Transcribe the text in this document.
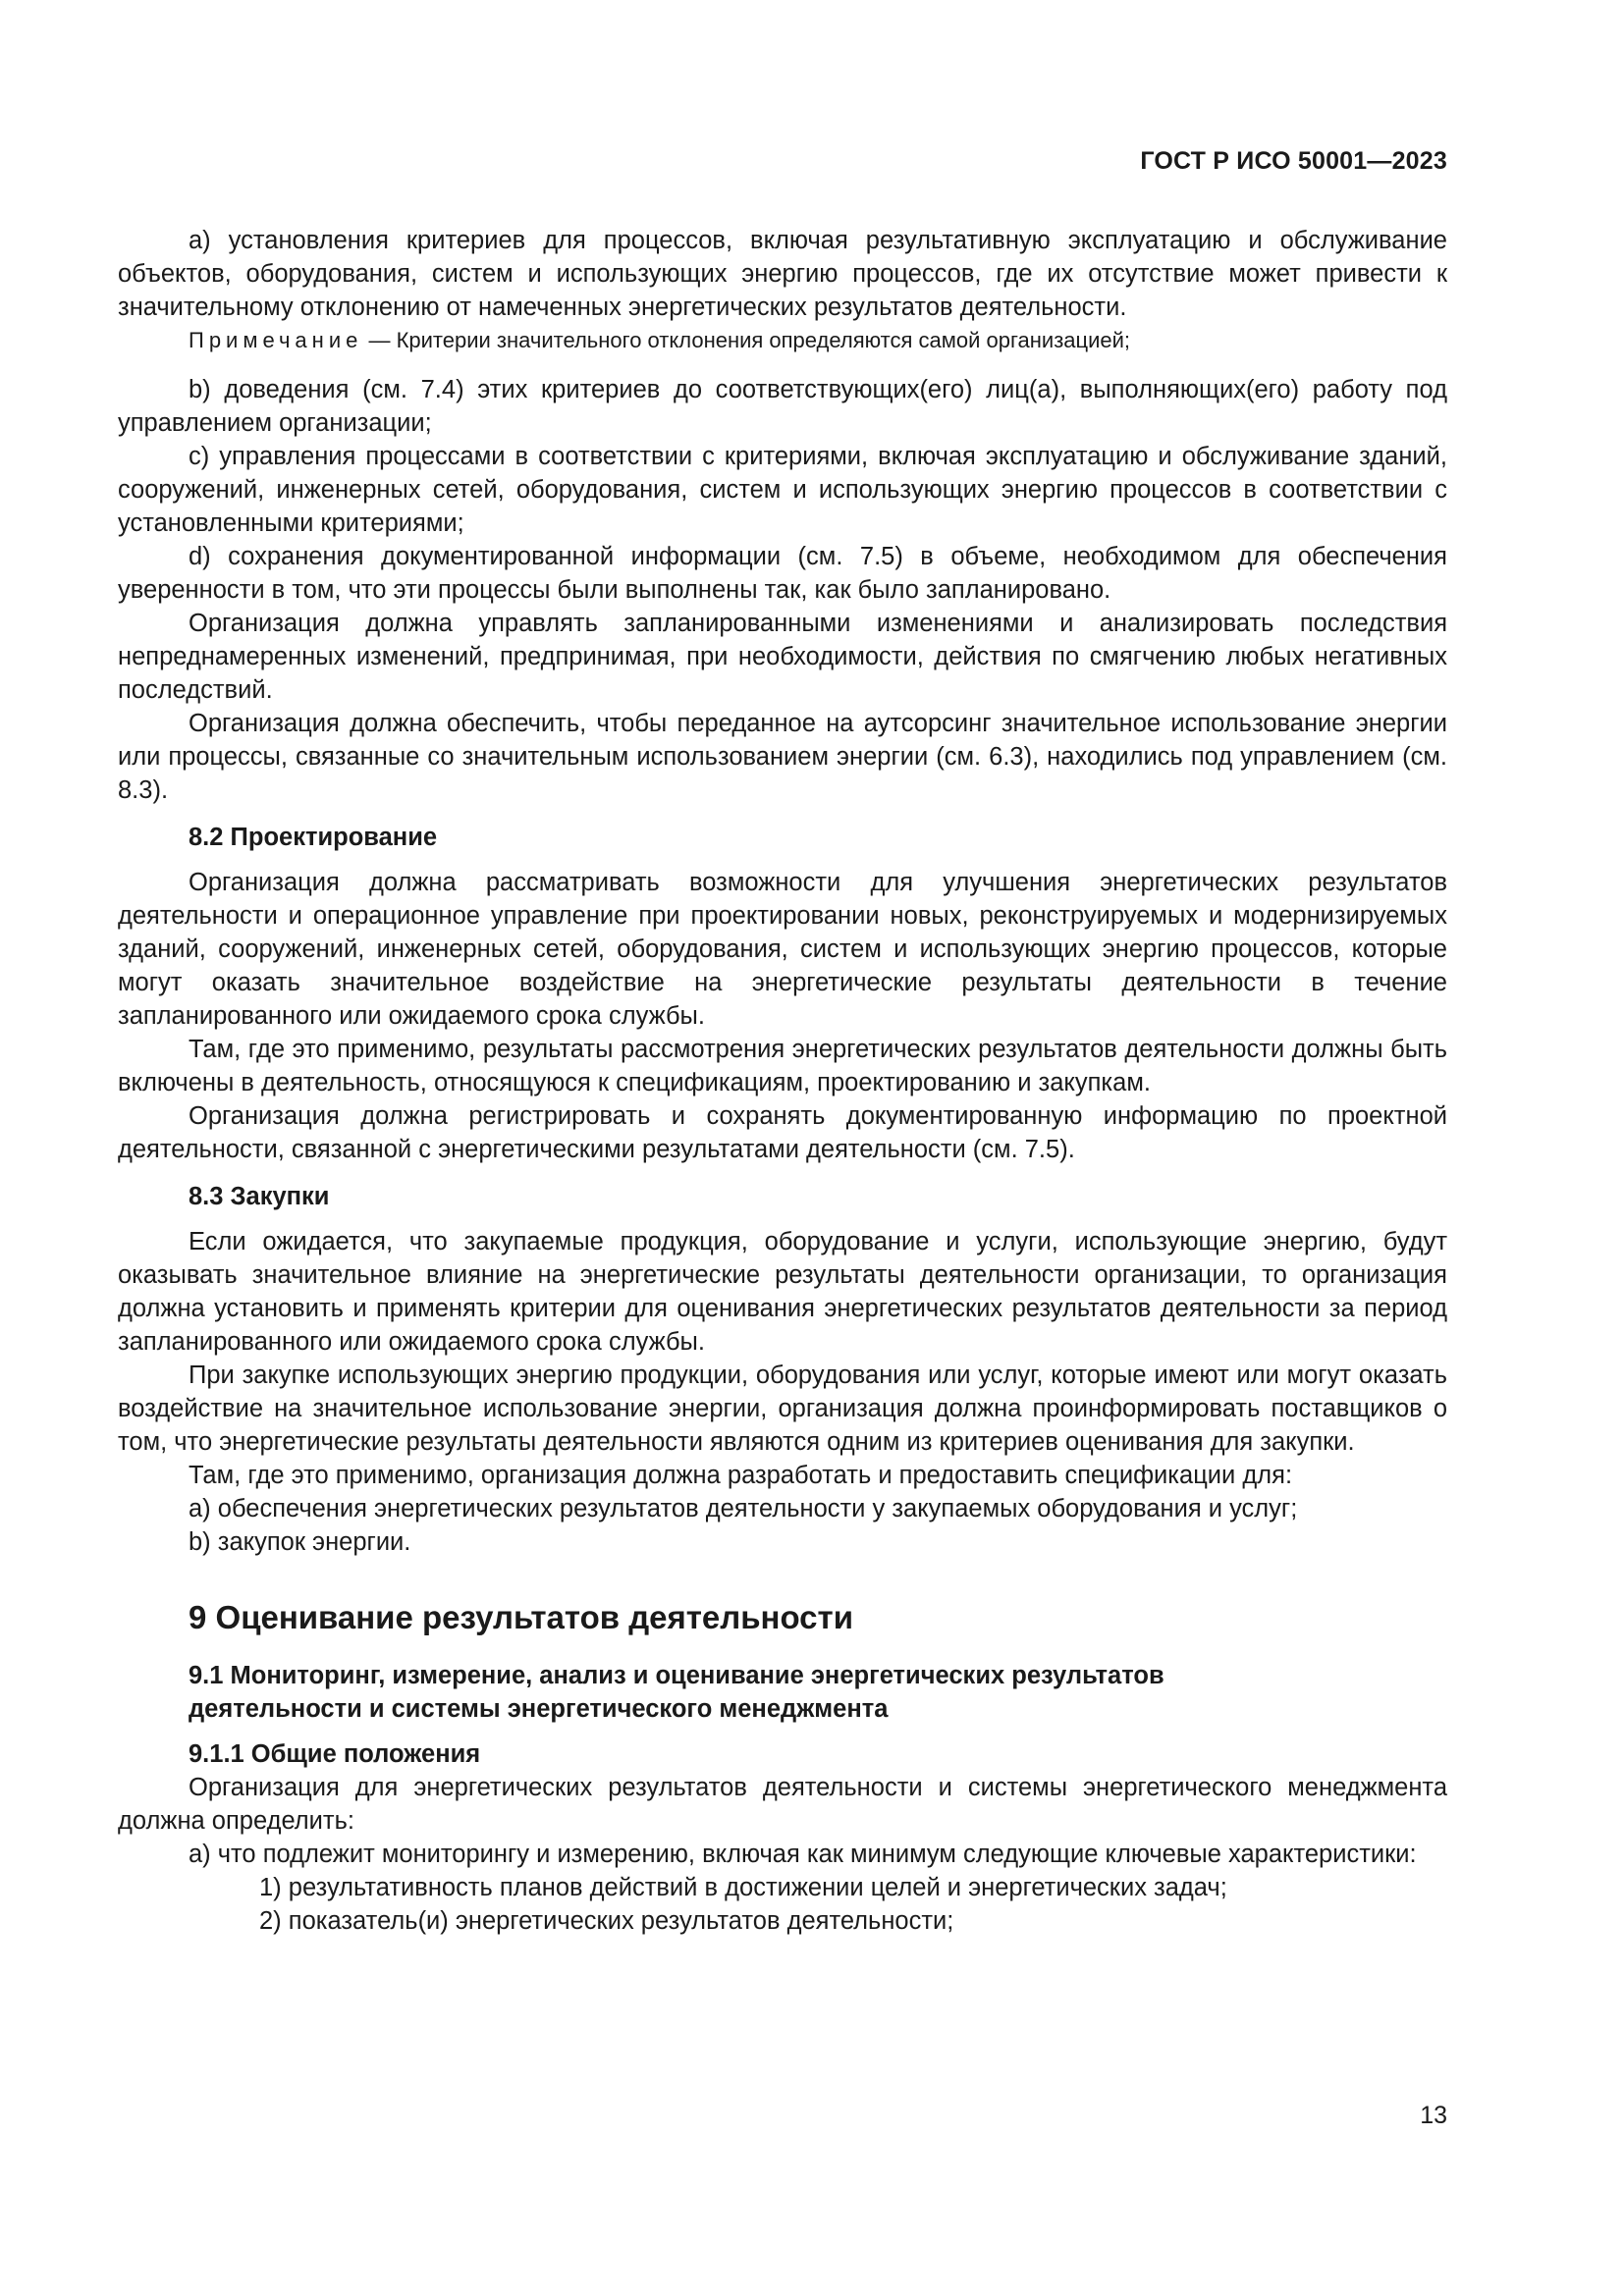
ГОСТ Р ИСО 50001—2023

a) установления критериев для процессов, включая результативную эксплуатацию и обслуживание объектов, оборудования, систем и использующих энергию процессов, где их отсутствие может привести к значительному отклонению от намеченных энергетических результатов деятельности.

Примечание — Критерии значительного отклонения определяются самой организацией;

b) доведения (см. 7.4) этих критериев до соответствующих(его) лиц(а), выполняющих(его) работу под управлением организации;

c) управления процессами в соответствии с критериями, включая эксплуатацию и обслуживание зданий, сооружений, инженерных сетей, оборудования, систем и использующих энергию процессов в соответствии с установленными критериями;

d) сохранения документированной информации (см. 7.5) в объеме, необходимом для обеспечения уверенности в том, что эти процессы были выполнены так, как было запланировано.

Организация должна управлять запланированными изменениями и анализировать последствия непреднамеренных изменений, предпринимая, при необходимости, действия по смягчению любых негативных последствий.

Организация должна обеспечить, чтобы переданное на аутсорсинг значительное использование энергии или процессы, связанные со значительным использованием энергии (см. 6.3), находились под управлением (см. 8.3).

8.2 Проектирование

Организация должна рассматривать возможности для улучшения энергетических результатов деятельности и операционное управление при проектировании новых, реконструируемых и модернизируемых зданий, сооружений, инженерных сетей, оборудования, систем и использующих энергию процессов, которые могут оказать значительное воздействие на энергетические результаты деятельности в течение запланированного или ожидаемого срока службы.

Там, где это применимо, результаты рассмотрения энергетических результатов деятельности должны быть включены в деятельность, относящуюся к спецификациям, проектированию и закупкам.

Организация должна регистрировать и сохранять документированную информацию по проектной деятельности, связанной с энергетическими результатами деятельности (см. 7.5).

8.3 Закупки

Если ожидается, что закупаемые продукция, оборудование и услуги, использующие энергию, будут оказывать значительное влияние на энергетические результаты деятельности организации, то организация должна установить и применять критерии для оценивания энергетических результатов деятельности за период запланированного или ожидаемого срока службы.

При закупке использующих энергию продукции, оборудования или услуг, которые имеют или могут оказать воздействие на значительное использование энергии, организация должна проинформировать поставщиков о том, что энергетические результаты деятельности являются одним из критериев оценивания для закупки.

Там, где это применимо, организация должна разработать и предоставить спецификации для:

a) обеспечения энергетических результатов деятельности у закупаемых оборудования и услуг;

b) закупок энергии.

9 Оценивание результатов деятельности
9.1 Мониторинг, измерение, анализ и оценивание энергетических результатов
деятельности и системы энергетического менеджмента
9.1.1 Общие положения

Организация для энергетических результатов деятельности и системы энергетического менеджмента должна определить:

a) что подлежит мониторингу и измерению, включая как минимум следующие ключевые характеристики:

1) результативность планов действий в достижении целей и энергетических задач;

2) показатель(и) энергетических результатов деятельности;

13
